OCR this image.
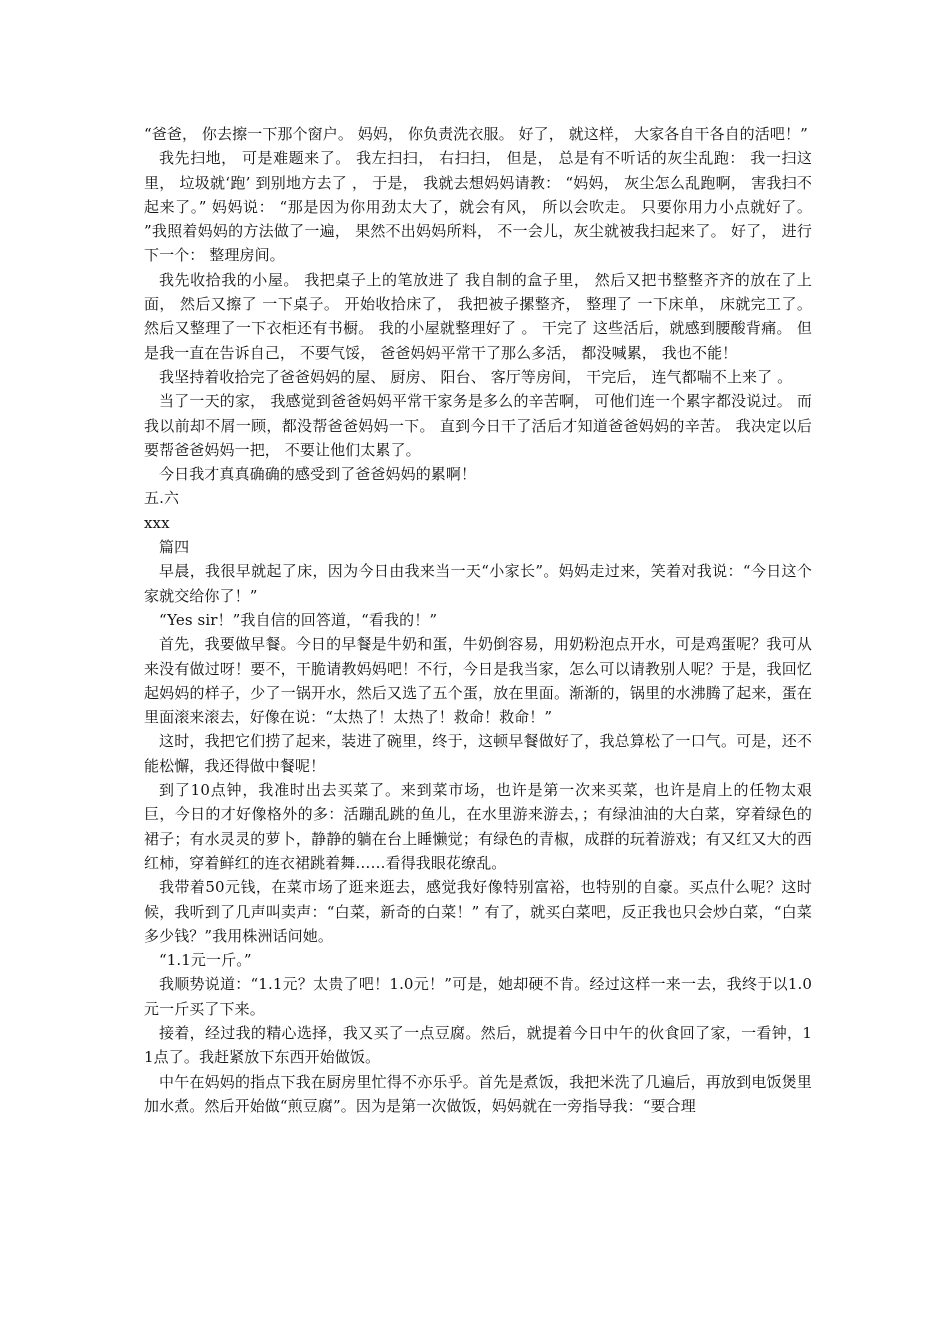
“爸爸， 你去擦一下那个窗户。 妈妈， 你负责洗衣服。 好了， 就这样， 大家各自干各自的活吧！”

我先扫地， 可是难题来了。 我左扫扫， 右扫扫， 但是， 总是有不听话的灰尘乱跑： 我一扫这里， 垃圾就‘跑’ 到别地方去了 ， 于是， 我就去想妈妈请教： “妈妈， 灰尘怎么乱跑啊， 害我扫不起来了。” 妈妈说： “那是因为你用劲太大了，就会有风， 所以会吹走。 只要你用力小点就好了。 ”我照着妈妈的方法做了一遍， 果然不出妈妈所料， 不一会儿，灰尘就被我扫起来了。 好了， 进行下一个： 整理房间。

我先收拾我的小屋。 我把桌子上的笔放进了 我自制的盒子里， 然后又把书整整齐齐的放在了上面， 然后又擦了 一下桌子。 开始收拾床了， 我把被子摞整齐， 整理了 一下床单， 床就完工了。 然后又整理了一下衣柜还有书橱。 我的小屋就整理好了 。 干完了 这些活后，就感到腰酸背痛。 但是我一直在告诉自己， 不要气馁， 爸爸妈妈平常干了那么多活， 都没喊累， 我也不能！

我坚持着收拾完了爸爸妈妈的屋、 厨房、 阳台、 客厅等房间， 干完后， 连气都喘不上来了 。

当了一天的家， 我感觉到爸爸妈妈平常干家务是多么的辛苦啊， 可他们连一个累字都没说过。 而我以前却不屑一顾，都没帮爸爸妈妈一下。 直到今日干了活后才知道爸爸妈妈的辛苦。 我决定以后要帮爸爸妈妈一把， 不要让他们太累了。

今日我才真真确确的感受到了爸爸妈妈的累啊！

五.六

xxx

篇四

早晨，我很早就起了床，因为今日由我来当一天“小家长”。妈妈走过来，笑着对我说：“今日这个家就交给你了！”

“Yes sir！”我自信的回答道，“看我的！”

首先，我要做早餐。今日的早餐是牛奶和蛋，牛奶倒容易，用奶粉泡点开水，可是鸡蛋呢？我可从来没有做过呀！要不，干脆请教妈妈吧！不行，今日是我当家，怎么可以请教别人呢？于是，我回忆起妈妈的样子，少了一锅开水，然后又选了五个蛋，放在里面。渐渐的，锅里的水沸腾了起来，蛋在里面滚来滚去，好像在说：“太热了！太热了！救命！救命！”

这时，我把它们捞了起来，装进了碗里，终于，这顿早餐做好了，我总算松了一口气。可是，还不能松懈，我还得做中餐呢！

到了10点钟，我准时出去买菜了。来到菜市场，也许是第一次来买菜，也许是肩上的任物太艰巨，今日的才好像格外的多：活蹦乱跳的鱼儿，在水里游来游去，；有绿油油的大白菜，穿着绿色的裙子；有水灵灵的萝卜，静静的躺在台上睡懒觉；有绿色的青椒，成群的玩着游戏；有又红又大的西红柿，穿着鲜红的连衣裙跳着舞……看得我眼花缭乱。

我带着50元钱，在菜市场了逛来逛去，感觉我好像特别富裕，也特别的自豪。买点什么呢？这时候，我听到了几声叫卖声：“白菜，新奇的白菜！” 有了，就买白菜吧，反正我也只会炒白菜，“白菜多少钱？”我用株洲话问她。

“1.1元一斤。”

我顺势说道：“1.1元？太贵了吧！1.0元！”可是，她却硬不肯。经过这样一来一去，我终于以1.0元一斤买了下来。

接着，经过我的精心选择，我又买了一点豆腐。然后，就提着今日中午的伙食回了家，一看钟，11点了。我赶紧放下东西开始做饭。

中午在妈妈的指点下我在厨房里忙得不亦乐乎。首先是煮饭，我把米洗了几遍后，再放到电饭煲里加水煮。然后开始做“煎豆腐”。因为是第一次做饭，妈妈就在一旁指导我：“要合理
